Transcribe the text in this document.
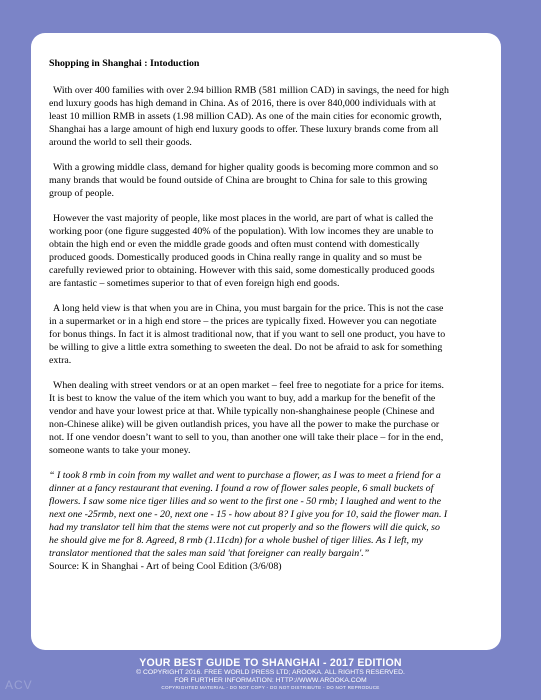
Shopping in Shanghai : Intoduction

With over 400 families with over 2.94 billion RMB (581 million CAD) in savings, the need for high end luxury goods has high demand in China. As of 2016, there is over 840,000 individuals with at least 10 million RMB in assets (1.98 million CAD). As one of the main cities for economic growth, Shanghai has a large amount of high end luxury goods to offer. These luxury brands come from all around the world to sell their goods.

With a growing middle class, demand for higher quality goods is becoming more common and so many brands that would be found outside of China are brought to China for sale to this growing group of people.

However the vast majority of people, like most places in the world, are part of what is called the working poor (one figure suggested 40% of the population). With low incomes they are unable to obtain the high end or even the middle grade goods and often must contend with domestically produced goods. Domestically produced goods in China really range in quality and so must be carefully reviewed prior to obtaining. However with this said, some domestically produced goods are fantastic – sometimes superior to that of even foreign high end goods.

A long held view is that when you are in China, you must bargain for the price. This is not the case in a supermarket or in a high end store – the prices are typically fixed. However you can negotiate for bonus things. In fact it is almost traditional now, that if you want to sell one product, you have to be willing to give a little extra something to sweeten the deal. Do not be afraid to ask for something extra.

When dealing with street vendors or at an open market – feel free to negotiate for a price for items. It is best to know the value of the item which you want to buy, add a markup for the benefit of the vendor and have your lowest price at that. While typically non-shanghainese people (Chinese and non-Chinese alike) will be given outlandish prices, you have all the power to make the purchase or not. If one vendor doesn’t want to sell to you, than another one will take their place – for in the end, someone wants to take your money.

“ I took 8 rmb in coin from my wallet and went to purchase a flower, as I was to meet a friend for a dinner at a fancy restaurant that evening. I found a row of flower sales people, 6 small buckets of flowers. I saw some nice tiger lilies and so went to the first one - 50 rmb; I laughed and went to the next one -25rmb, next one - 20, next one - 15 - how about 8? I give you for 10, said the flower man. I had my translator tell him that the stems were not cut properly and so the flowers will die quick, so he should give me for 8. Agreed, 8 rmb (1.11cdn) for a whole bushel of tiger lilies. As I left, my translator mentioned that the sales man said 'that foreigner can really bargain'.”

Source: K in Shanghai - Art of being Cool Edition (3/6/08)

YOUR BEST GUIDE TO SHANGHAI - 2017 EDITION
© COPYRIGHT 2016. FREE WORLD PRESS LTD; AROOKA. ALL RIGHTS RESERVED.
FOR FURTHER INFORMATION: HTTP://WWW.AROOKA.COM
COPYRIGHTED MATERIAL - DO NOT COPY - DO NOT DISTRIBUTE - DO NOT REPRODUCE
ACV
